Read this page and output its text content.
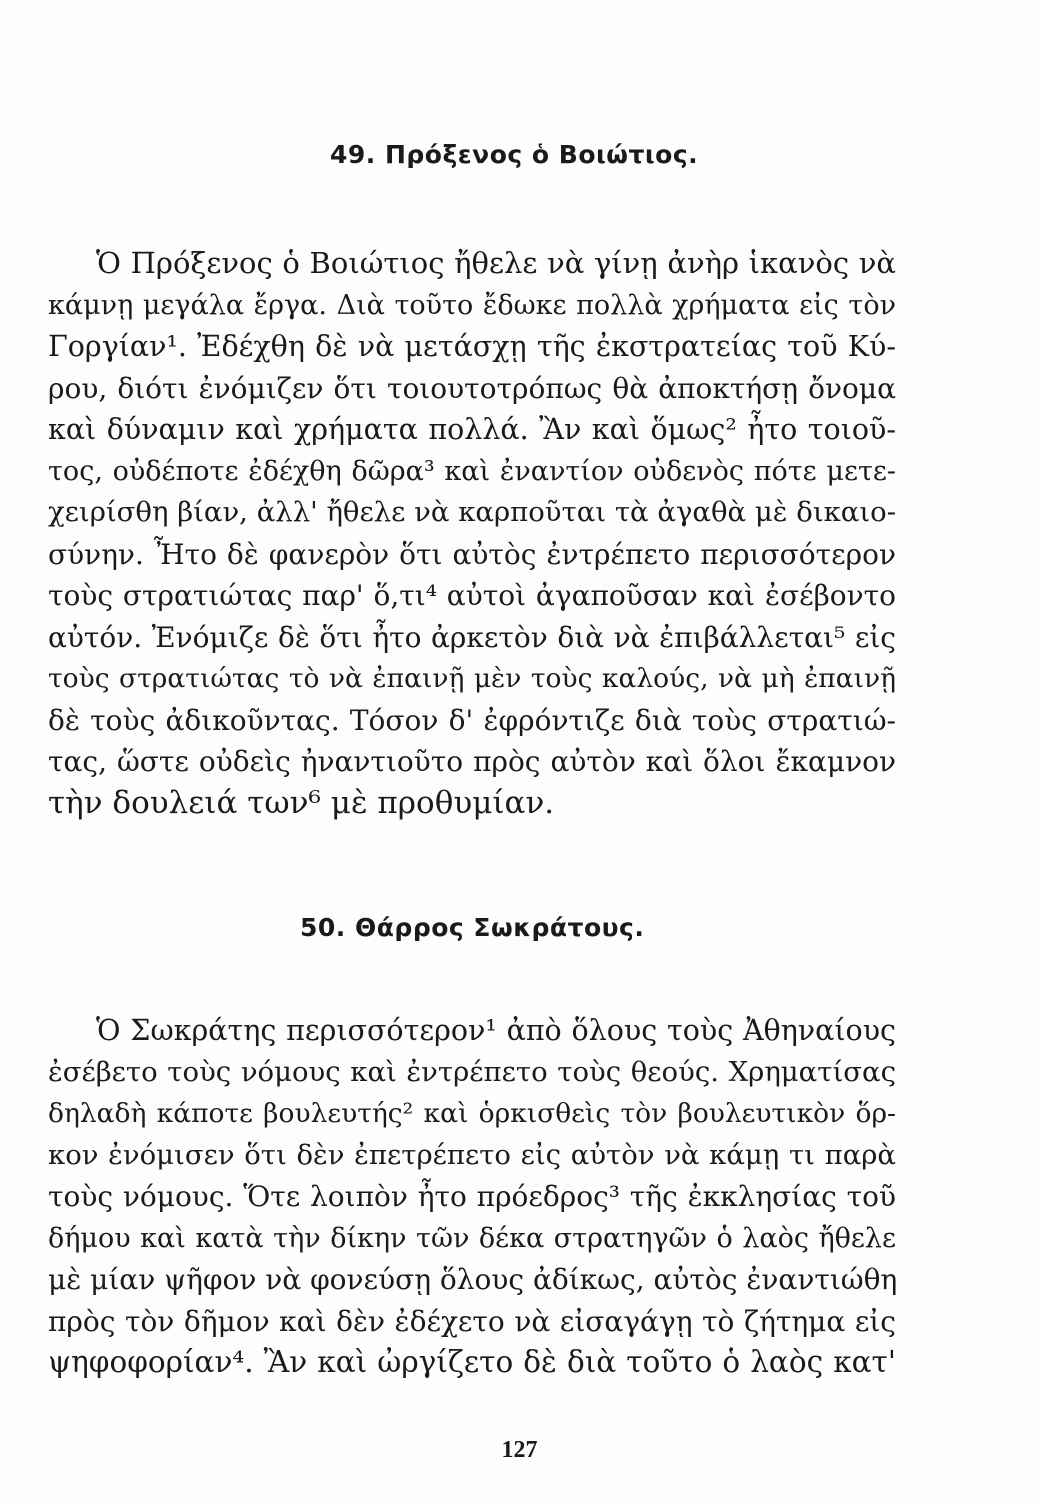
49. Πρόξενος ὁ Βοιώτιος.
Ὁ Πρόξενος ὁ Βοιώτιος ἤθελε νὰ γίνῃ ἀνὴρ ἱκανὸς νὰ
κάμνῃ μεγάλα ἔργα. Διὰ τοῦτο ἔδωκε πολλὰ χρήματα εἰς τὸν
Γοργίαν¹. Ἐδέχθη δὲ νὰ μετάσχῃ τῆς ἐκστρατείας τοῦ Κύ-
ρου, διότι ἐνόμιζεν ὅτι τοιουτοτρόπως θὰ ἀποκτήσῃ ὄνομα
καὶ δύναμιν καὶ χρήματα πολλά. Ἂν καὶ ὅμως² ἦτο τοιοῦ-
τος, οὐδέποτε ἐδέχθη δῶρα³ καὶ ἐναντίον οὐδενὸς πότε μετε-
χειρίσθη βίαν, ἀλλ' ἤθελε νὰ καρποῦται τὰ ἀγαθὰ μὲ δικαιο-
σύνην. Ἦτο δὲ φανερὸν ὅτι αὐτὸς ἐντρέπετο περισσότερον
τοὺς στρατιώτας παρ' ὅ,τι⁴ αὐτοὶ ἀγαποῦσαν καὶ ἐσέβοντο
αὐτόν. Ἐνόμιζε δὲ ὅτι ἦτο ἀρκετὸν διὰ νὰ ἐπιβάλλεται⁵ εἰς
τοὺς στρατιώτας τὸ νὰ ἐπαινῇ μὲν τοὺς καλούς, νὰ μὴ ἐπαινῇ
δὲ τοὺς ἀδικοῦντας. Τόσον δ' ἐφρόντιζε διὰ τοὺς στρατιώ-
τας, ὥστε οὐδεὶς ἠναντιοῦτο πρὸς αὐτὸν καὶ ὅλοι ἔκαμνον
τὴν δουλειά των⁶ μὲ προθυμίαν.
50. Θάρρος Σωκράτους.
Ὁ Σωκράτης περισσότερον¹ ἀπὸ ὅλους τοὺς Ἀθηναίους
ἐσέβετο τοὺς νόμους καὶ ἐντρέπετο τοὺς θεούς. Χρηματίσας
δηλαδὴ κάποτε βουλευτής² καὶ ὁρκισθεὶς τὸν βουλευτικὸν ὅρ-
κον ἐνόμισεν ὅτι δὲν ἐπετρέπετο εἰς αὐτὸν νὰ κάμῃ τι παρὰ
τοὺς νόμους. Ὅτε λοιπὸν ἦτο πρόεδρος³ τῆς ἐκκλησίας τοῦ
δήμου καὶ κατὰ τὴν δίκην τῶν δέκα στρατηγῶν ὁ λαὸς ἤθελε
μὲ μίαν ψῆφον νὰ φονεύσῃ ὅλους ἀδίκως, αὐτὸς ἐναντιώθη
πρὸς τὸν δῆμον καὶ δὲν ἐδέχετο νὰ εἰσαγάγῃ τὸ ζήτημα εἰς
ψηφοφορίαν⁴. Ἂν καὶ ὠργίζετο δὲ διὰ τοῦτο ὁ λαὸς κατ'
127
